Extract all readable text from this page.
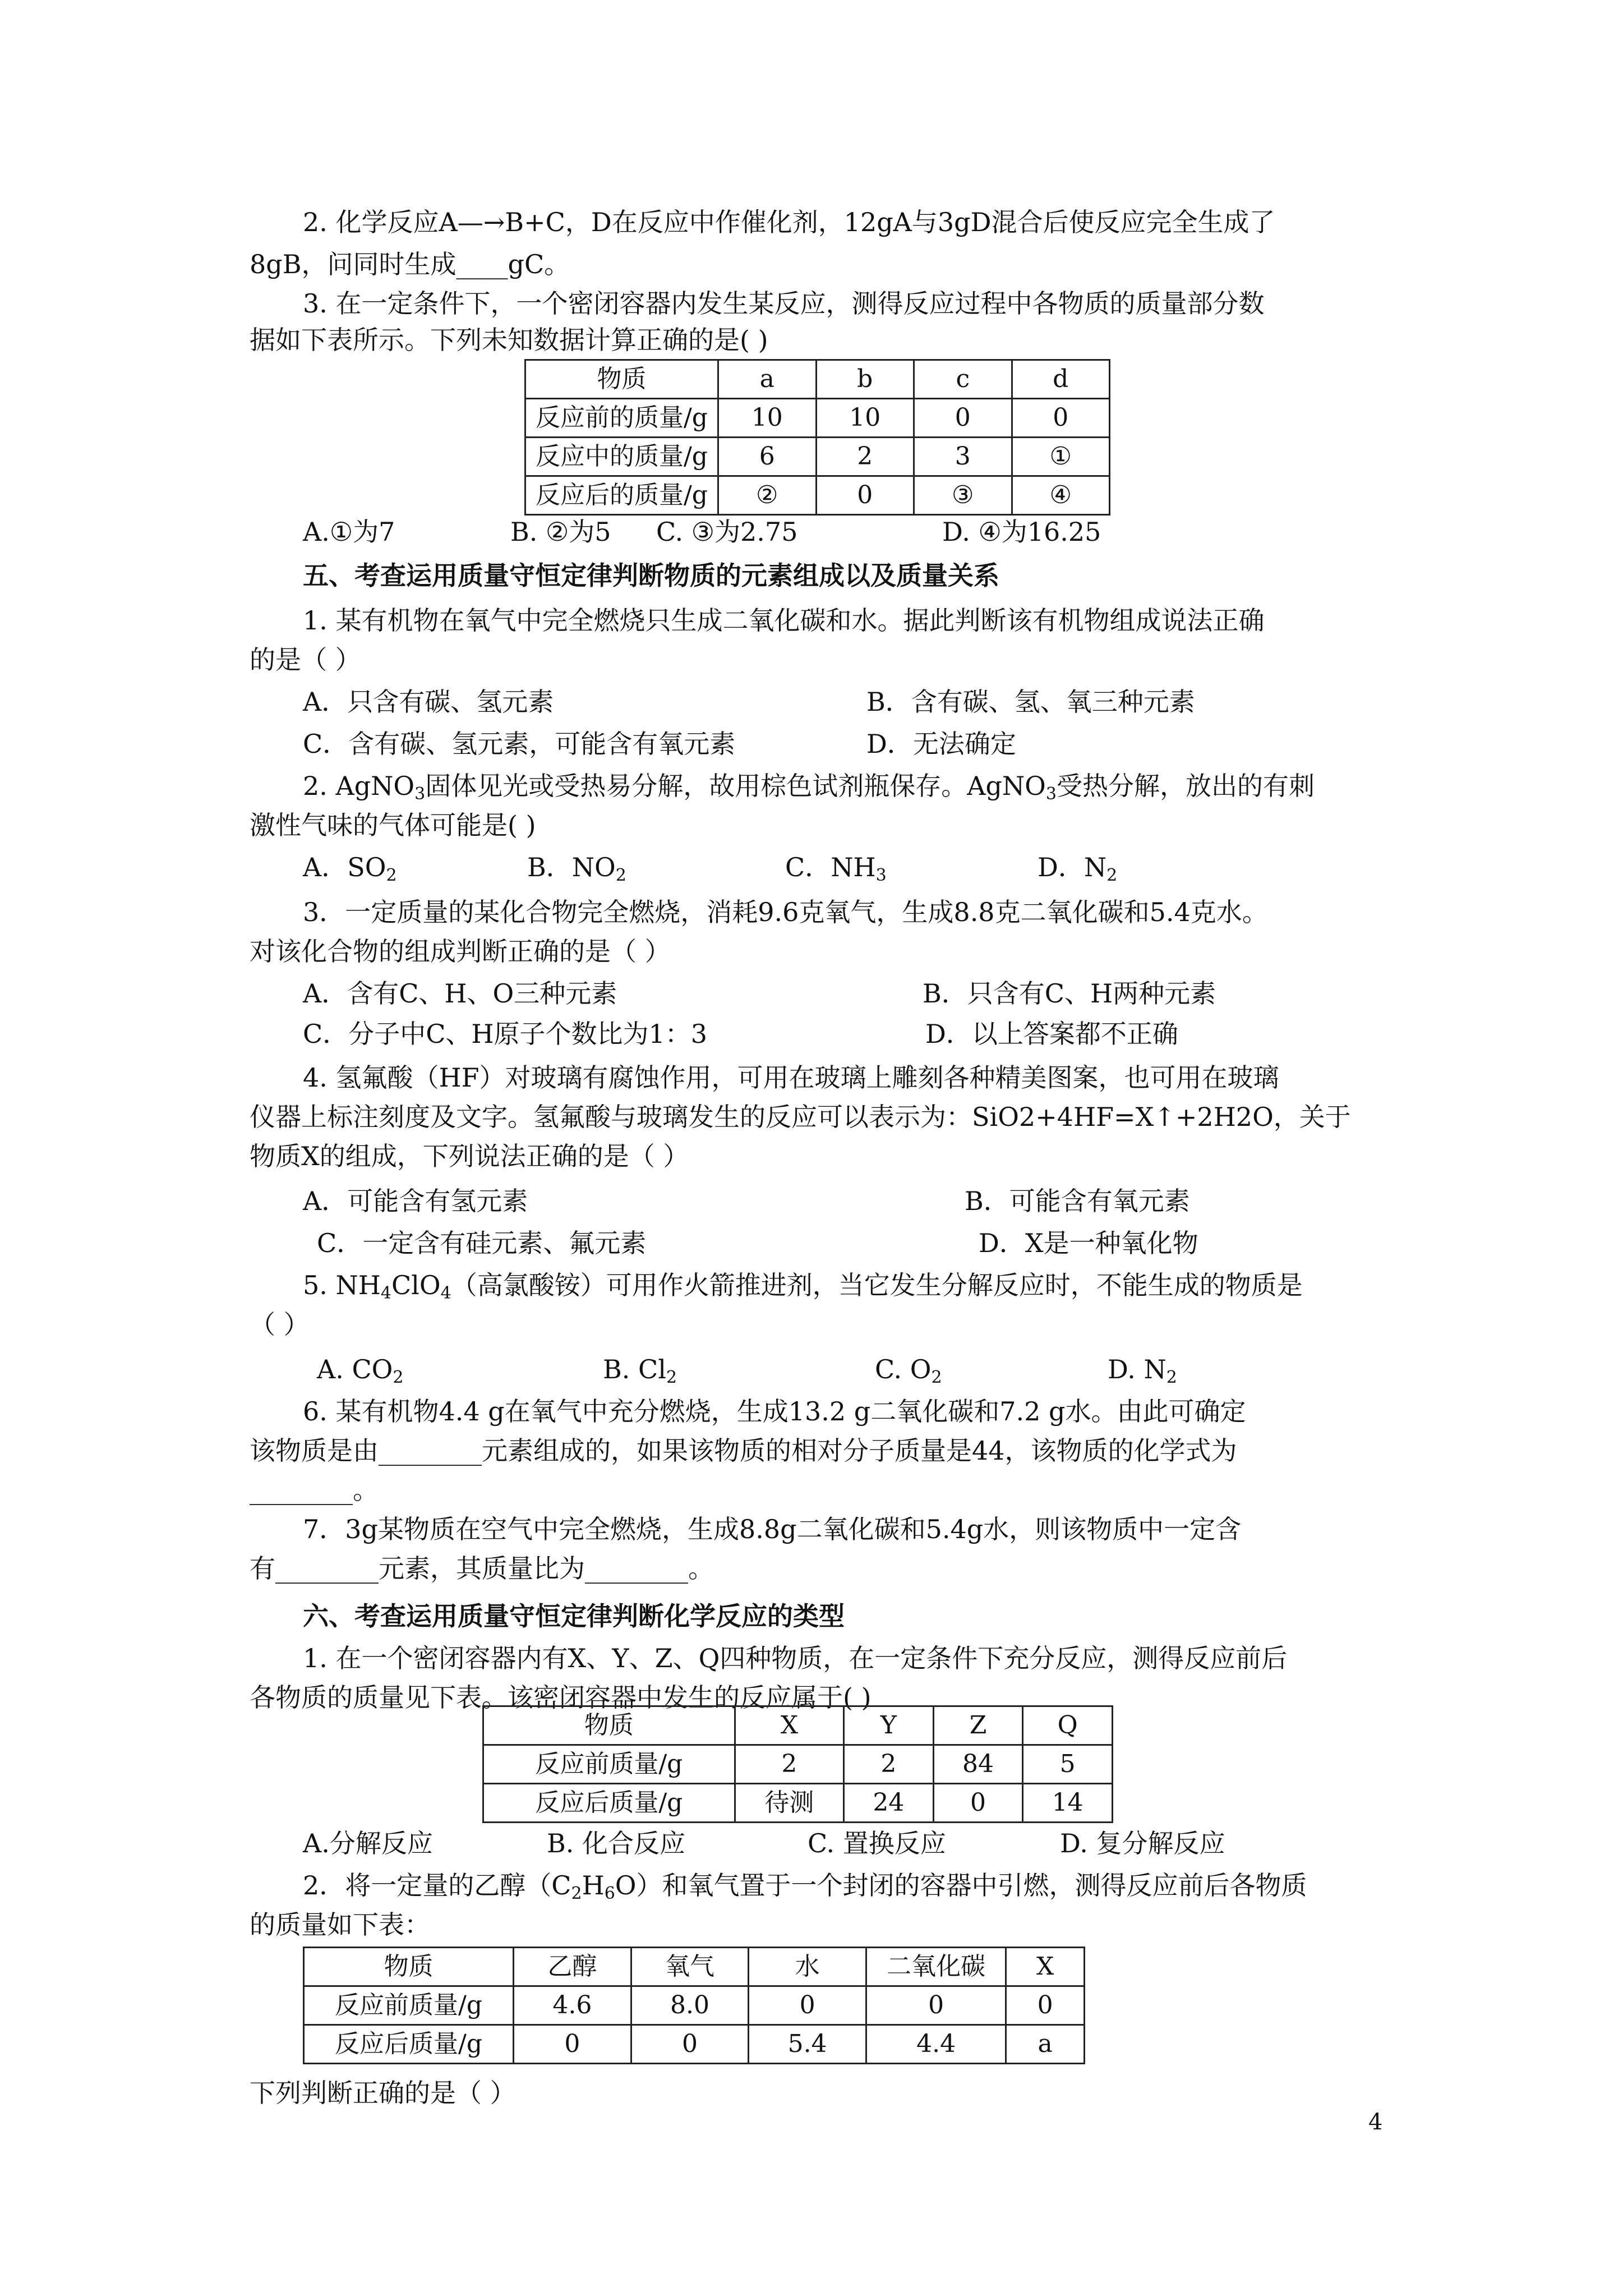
2. 化学反应A—→B+C，D在反应中作催化剂，12gA与3gD混合后使反应完全生成了
8gB，问同时生成____gC。
3. 在一定条件下，一个密闭容器内发生某反应，测得反应过程中各物质的质量部分数
据如下表所示。下列未知数据计算正确的是( )
物质	a	b	c	d
反应前的质量/g	10	10	0	0
反应中的质量/g	6	2	3	①
反应后的质量/g	②	0	③	④
A.①为7	B. ②为5 C. ③为2.75	D. ④为16.25
五、考查运用质量守恒定律判断物质的元素组成以及质量关系
1. 某有机物在氧气中完全燃烧只生成二氧化碳和水。据此判断该有机物组成说法正确
的是（ ）
A．只含有碳、氢元素	B．含有碳、氢、氧三种元素
C．含有碳、氢元素，可能含有氧元素	D．无法确定
2. AgNO$_3$固体见光或受热易分解，故用棕色试剂瓶保存。AgNO$_3$受热分解，放出的有刺
激性气味的气体可能是( )
A．$SO_2$	B．$NO_2$	C．$NH_3$	D．$N_2$
3．一定质量的某化合物完全燃烧，消耗9.6克氧气，生成8.8克二氧化碳和5.4克水。
对该化合物的组成判断正确的是（ ）
A．含有C、H、O三种元素	B．只含有C、H两种元素
C．分子中C、H原子个数比为1：3	D．以上答案都不正确
4. 氢氟酸（HF）对玻璃有腐蚀作用，可用在玻璃上雕刻各种精美图案，也可用在玻璃
仪器上标注刻度及文字。氢氟酸与玻璃发生的反应可以表示为：SiO2+4HF=X↑+2H2O，关于
物质X的组成，下列说法正确的是（ ）
A．可能含有氢元素	B．可能含有氧元素
C．一定含有硅元素、氟元素	D．X是一种氧化物
5. $NH_4ClO_4$（高氯酸铵）可用作火箭推进剂，当它发生分解反应时，不能生成的物质是
（ ）
A. $CO_2$	B. $Cl_2$	C. $O_2$	D. $N_2$
6. 某有机物4.4 g在氧气中充分燃烧，生成13.2 g二氧化碳和7.2 g水。由此可确定
该物质是由________元素组成的，如果该物质的相对分子质量是44，该物质的化学式为
________。
7．3g某物质在空气中完全燃烧，生成8.8g二氧化碳和5.4g水，则该物质中一定含
有________元素，其质量比为________。
六、考查运用质量守恒定律判断化学反应的类型
1. 在一个密闭容器内有X、Y、Z、Q四种物质，在一定条件下充分反应，测得反应前后
各物质的质量见下表。该密闭容器中发生的反应属于( )
物质	X	Y	Z	Q
反应前质量/g	2	2	84	5
反应后质量/g	待测	24	0	14
A.分解反应	B. 化合反应	C. 置换反应	D. 复分解反应
2．将一定量的乙醇$(C_2H_6O)$和氧气置于一个封闭的容器中引燃，测得反应前后各物质
的质量如下表：
物质	乙醇	氧气	水	二氧化碳	X
反应前质量/g	4.6	8.0	0	0	0
反应后质量/g	0	0	5.4	4.4	a
下列判断正确的是（ ）
4
